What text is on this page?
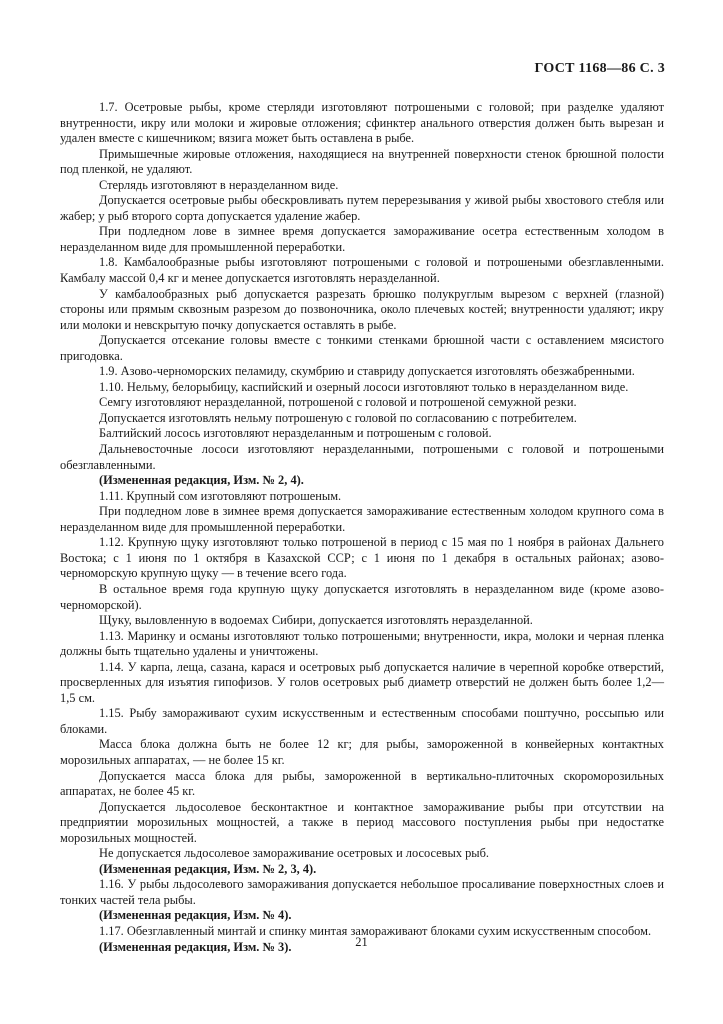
ГОСТ 1168—86 С. 3

1.7. Осетровые рыбы, кроме стерляди изготовляют потрошеными с головой; при разделке удаляют внутренности, икру или молоки и жировые отложения; сфинктер анального отверстия должен быть вырезан и удален вместе с кишечником; вязига может быть оставлена в рыбе.

Примышечные жировые отложения, находящиеся на внутренней поверхности стенок брюшной полости под пленкой, не удаляют.

Стерлядь изготовляют в неразделанном виде.

Допускается осетровые рыбы обескровливать путем перерезывания у живой рыбы хвостового стебля или жабер; у рыб второго сорта допускается удаление жабер.

При подледном лове в зимнее время допускается замораживание осетра естественным холодом в неразделанном виде для промышленной переработки.

1.8. Камбалообразные рыбы изготовляют потрошеными с головой и потрошеными обезглавленными. Камбалу массой 0,4 кг и менее допускается изготовлять неразделанной.

У камбалообразных рыб допускается разрезать брюшко полукруглым вырезом с верхней (глазной) стороны или прямым сквозным разрезом до позвоночника, около плечевых костей; внутренности удаляют; икру или молоки и невскрытую почку допускается оставлять в рыбе.

Допускается отсекание головы вместе с тонкими стенками брюшной части с оставлением мясистого пригодовка.

1.9. Азово-черноморских пеламиду, скумбрию и ставриду допускается изготовлять обезжабренными.

1.10. Нельму, белорыбицу, каспийский и озерный лососи изготовляют только в неразделанном виде.

Семгу изготовляют неразделанной, потрошеной с головой и потрошеной семужной резки.

Допускается изготовлять нельму потрошеную с головой по согласованию с потребителем.

Балтийский лосось изготовляют неразделанным и потрошеным с головой.

Дальневосточные лососи изготовляют неразделанными, потрошеными с головой и потрошеными обезглавленными.

(Измененная редакция, Изм. № 2, 4).

1.11. Крупный сом изготовляют потрошеным.

При подледном лове в зимнее время допускается замораживание естественным холодом крупного сома в неразделанном виде для промышленной переработки.

1.12. Крупную щуку изготовляют только потрошеной в период с 15 мая по 1 ноября в районах Дальнего Востока; с 1 июня по 1 октября в Казахской ССР; с 1 июня по 1 декабря в остальных районах; азово-черноморскую крупную щуку — в течение всего года.

В остальное время года крупную щуку допускается изготовлять в неразделанном виде (кроме азово-черноморской).

Щуку, выловленную в водоемах Сибири, допускается изготовлять неразделанной.

1.13. Маринку и османы изготовляют только потрошеными; внутренности, икра, молоки и черная пленка должны быть тщательно удалены и уничтожены.

1.14. У карпа, леща, сазана, карася и осетровых рыб допускается наличие в черепной коробке отверстий, просверленных для изъятия гипофизов. У голов осетровых рыб диаметр отверстий не должен быть более 1,2—1,5 см.

1.15. Рыбу замораживают сухим искусственным и естественным способами поштучно, россыпью или блоками.

Масса блока должна быть не более 12 кг; для рыбы, замороженной в конвейерных контактных морозильных аппаратах, — не более 15 кг.

Допускается масса блока для рыбы, замороженной в вертикально-плиточных скороморозильных аппаратах, не более 45 кг.

Допускается льдосолевое бесконтактное и контактное замораживание рыбы при отсутствии на предприятии морозильных мощностей, а также в период массового поступления рыбы при недостатке морозильных мощностей.

Не допускается льдосолевое замораживание осетровых и лососевых рыб.

(Измененная редакция, Изм. № 2, 3, 4).

1.16. У рыбы льдосолевого замораживания допускается небольшое просаливание поверхностных слоев и тонких частей тела рыбы.

(Измененная редакция, Изм. № 4).

1.17. Обезглавленный минтай и спинку минтая замораживают блоками сухим искусственным способом.

(Измененная редакция, Изм. № 3).	21
